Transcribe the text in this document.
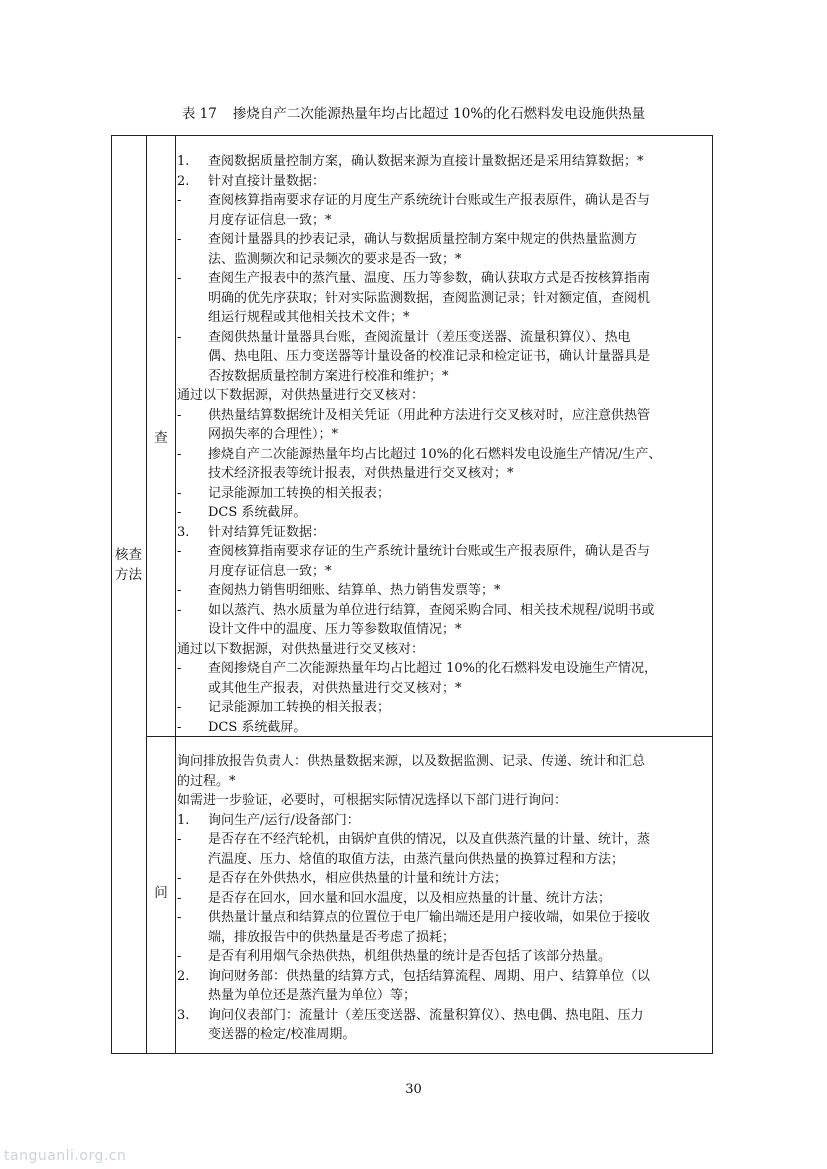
表 17 掺烧自产二次能源热量年均占比超过 10%的化石燃料发电设施供热量
核查
方法
查
1. 查阅数据质量控制方案，确认数据来源为直接计量数据还是采用结算数据；*
2. 针对直接计量数据：
- 查阅核算指南要求存证的月度生产系统统计台账或生产报表原件，确认是否与
月度存证信息一致；*
- 查阅计量器具的抄表记录，确认与数据质量控制方案中规定的供热量监测方
法、监测频次和记录频次的要求是否一致；*
- 查阅生产报表中的蒸汽量、温度、压力等参数，确认获取方式是否按核算指南
明确的优先序获取；针对实际监测数据，查阅监测记录；针对额定值，查阅机
组运行规程或其他相关技术文件；*
- 查阅供热量计量器具台账，查阅流量计（差压变送器、流量积算仪）、热电
偶、热电阻、压力变送器等计量设备的校准记录和检定证书，确认计量器具是
否按数据质量控制方案进行校准和维护；*
通过以下数据源，对供热量进行交叉核对：
- 供热量结算数据统计及相关凭证（用此种方法进行交叉核对时，应注意供热管
网损失率的合理性）；*
- 掺烧自产二次能源热量年均占比超过 10%的化石燃料发电设施生产情况/生产、
技术经济报表等统计报表，对供热量进行交叉核对；*
- 记录能源加工转换的相关报表；
- DCS 系统截屏。
3. 针对结算凭证数据：
- 查阅核算指南要求存证的生产系统计量统计台账或生产报表原件，确认是否与
月度存证信息一致；*
- 查阅热力销售明细账、结算单、热力销售发票等；*
- 如以蒸汽、热水质量为单位进行结算，查阅采购合同、相关技术规程/说明书或
设计文件中的温度、压力等参数取值情况；*
通过以下数据源，对供热量进行交叉核对：
- 查阅掺烧自产二次能源热量年均占比超过 10%的化石燃料发电设施生产情况，
或其他生产报表，对供热量进行交叉核对；*
- 记录能源加工转换的相关报表；
- DCS 系统截屏。
问
询问排放报告负责人：供热量数据来源，以及数据监测、记录、传递、统计和汇总
的过程。*
如需进一步验证，必要时，可根据实际情况选择以下部门进行询问：
1. 询问生产/运行/设备部门：
- 是否存在不经汽轮机，由锅炉直供的情况，以及直供蒸汽量的计量、统计，蒸
汽温度、压力、焓值的取值方法，由蒸汽量向供热量的换算过程和方法；
- 是否存在外供热水，相应供热量的计量和统计方法；
- 是否存在回水，回水量和回水温度，以及相应热量的计量、统计方法；
- 供热量计量点和结算点的位置位于电厂输出端还是用户接收端，如果位于接收
端，排放报告中的供热量是否考虑了损耗；
- 是否有利用烟气余热供热，机组供热量的统计是否包括了该部分热量。
2. 询问财务部：供热量的结算方式，包括结算流程、周期、用户、结算单位（以
热量为单位还是蒸汽量为单位）等；
3. 询问仪表部门：流量计（差压变送器、流量积算仪）、热电偶、热电阻、压力
变送器的检定/校准周期。
30
tanguanli.org.cn
